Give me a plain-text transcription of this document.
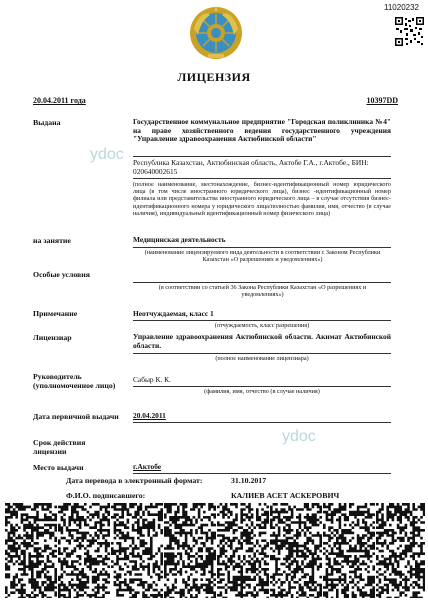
11020232
ЛИЦЕНЗИЯ
20.04.2011 года	10397DD
Выдана	Государственное коммунальное предприятие "Городская поликлиника №4" на праве хозяйственного ведения государственного учреждения "Управление здравоохранения Актюбинской области"
Республика Казахстан, Актюбинская область, Актобе Г.А., г.Актобе., БИН: 020640002615
(полное наименование, местонахождение, бизнес-идентификационный номер юридического лица (в том числе иностранного юридического лица), бизнес -идентификационный номер филиала или представительства иностранного юридического лица – в случае отсутствия бизнес-идентификационного номера у юридического лица/полностью фамилия, имя, отчество (в случае наличия), индивидуальный идентификационный номер физического лица)
ydoc
на занятие	Медицинская деятельность
(наименование лицензируемого вида деятельности в соответствии с Законом Республики Казахстан «О разрешениях и уведомлениях»)
Особые условия
(в соответствии со статьей 36 Закона Республики Казахстан «О разрешениях и уведомлениях»)
Примечание	Неотчуждаемая, класс 1
(отчуждаемость, класс разрешения)
Лицензиар	Управление здравоохранения Актюбинской области. Акимат Актюбинской области.
(полное наименование лицензиара)
Руководитель
(уполномоченное лицо)
Сабыр К. К.
(фамилия, имя, отчество (в случае наличия)
Дата первичной выдачи 20.04.2011
ydoc
Срок действия
лицензии
Место выдачи	г.Актобе
Дата перевода в электронный формат:	31.10.2017
Ф.И.О. подписавшего:	КАЛИЕВ АСЕТ АСКЕРОВИЧ
